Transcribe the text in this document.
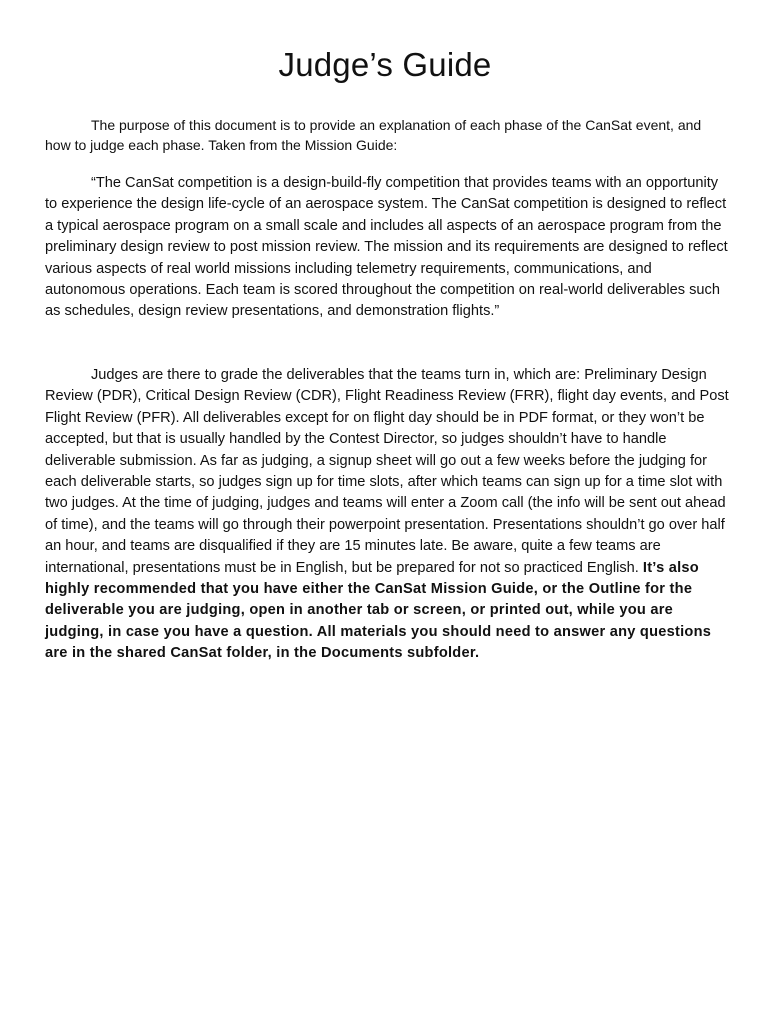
Judge’s Guide

The purpose of this document is to provide an explanation of each phase of the CanSat event, and how to judge each phase. Taken from the Mission Guide:

“The CanSat competition is a design-build-fly competition that provides teams with an opportunity to experience the design life-cycle of an aerospace system. The CanSat competition is designed to reflect a typical aerospace program on a small scale and includes all aspects of an aerospace program from the preliminary design review to post mission review. The mission and its requirements are designed to reflect various aspects of real world missions including telemetry requirements, communications, and autonomous operations. Each team is scored throughout the competition on real-world deliverables such as schedules, design review presentations, and demonstration flights.”

Judges are there to grade the deliverables that the teams turn in, which are: Preliminary Design Review (PDR), Critical Design Review (CDR), Flight Readiness Review (FRR), flight day events, and Post Flight Review (PFR). All deliverables except for on flight day should be in PDF format, or they won’t be accepted, but that is usually handled by the Contest Director, so judges shouldn’t have to handle deliverable submission. As far as judging, a signup sheet will go out a few weeks before the judging for each deliverable starts, so judges sign up for time slots, after which teams can sign up for a time slot with two judges. At the time of judging, judges and teams will enter a Zoom call (the info will be sent out ahead of time), and the teams will go through their powerpoint presentation. Presentations shouldn’t go over half an hour, and teams are disqualified if they are 15 minutes late. Be aware, quite a few teams are international, presentations must be in English, but be prepared for not so practiced English. It’s also highly recommended that you have either the CanSat Mission Guide, or the Outline for the deliverable you are judging, open in another tab or screen, or printed out, while you are judging, in case you have a question. All materials you should need to answer any questions are in the shared CanSat folder, in the Documents subfolder.
